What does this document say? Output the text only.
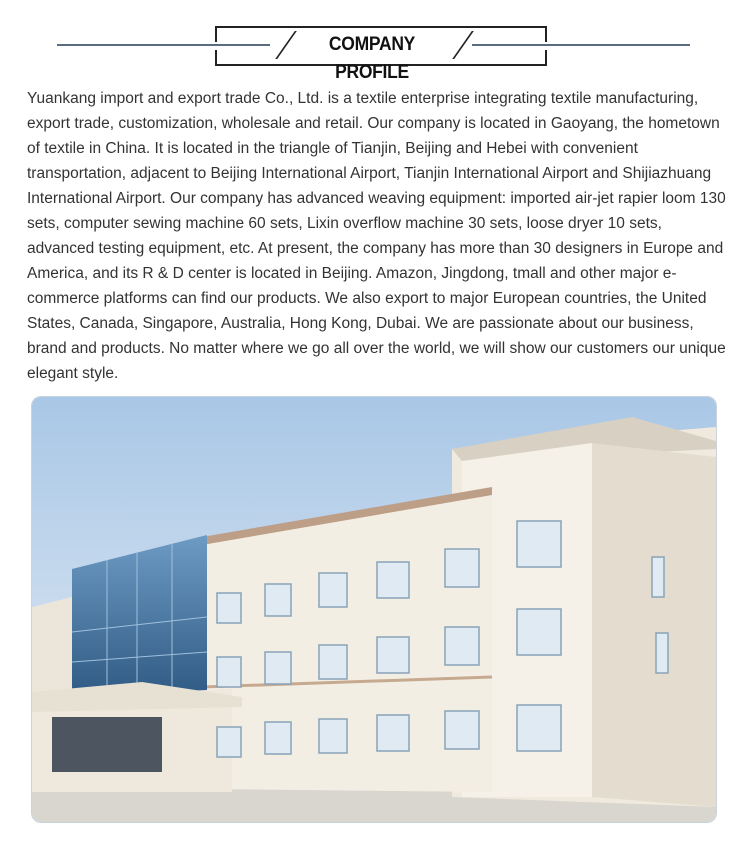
COMPANY PROFILE

Yuankang import and export trade Co., Ltd. is a textile enterprise integrating textile manufacturing, export trade, customization, wholesale and retail. Our company is located in Gaoyang, the hometown of textile in China. It is located in the triangle of Tianjin, Beijing and Hebei with convenient transportation, adjacent to Beijing International Airport, Tianjin International Airport and Shijiazhuang International Airport. Our company has advanced weaving equipment: imported air-jet rapier loom 130 sets, computer sewing machine 60 sets, Lixin overflow machine 30 sets, loose dryer 10 sets, advanced testing equipment, etc. At present, the company has more than 30 designers in Europe and America, and its R & D center is located in Beijing. Amazon, Jingdong, tmall and other major e-commerce platforms can find our products. We also export to major European countries, the United States, Canada, Singapore, Australia, Hong Kong, Dubai. We are passionate about our business, brand and products. No matter where we go all over the world, we will show our customers our unique elegant style.
